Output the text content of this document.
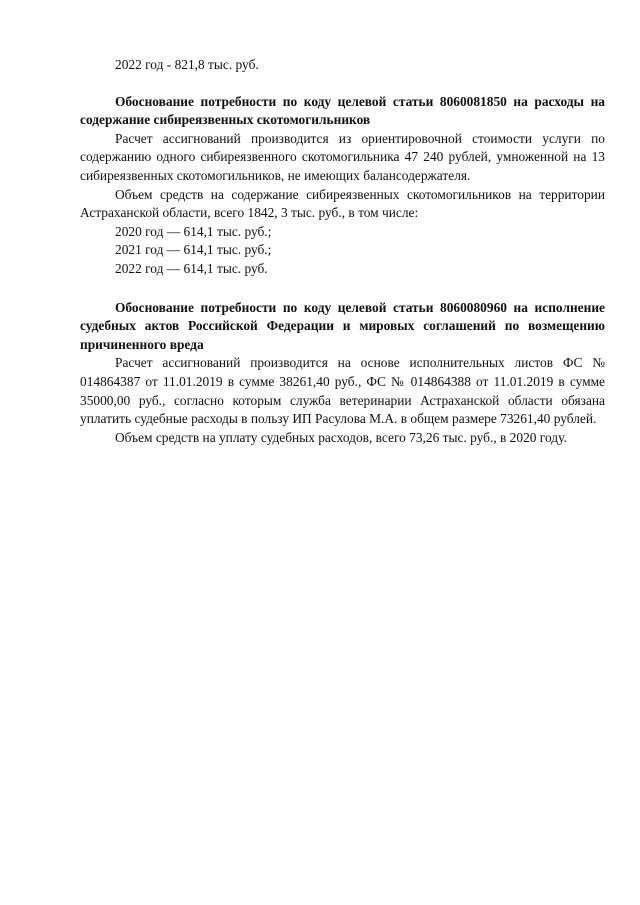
2022 год - 821,8 тыс. руб.

Обоснование потребности по коду целевой статьи 8060081850 на расходы на содержание сибиреязвенных скотомогильников

Расчет ассигнований производится из ориентировочной стоимости услуги по содержанию одного сибиреязвенного скотомогильника 47 240 рублей, умноженной на 13 сибиреязвенных скотомогильников, не имеющих балансодержателя.

Объем средств на содержание сибиреязвенных скотомогильников на территории Астраханской области, всего 1842, 3 тыс. руб., в том числе:

2020 год –– 614,1 тыс. руб.;

2021 год — 614,1 тыс. руб.;

2022 год — 614,1 тыс. руб.

Обоснование потребности по коду целевой статьи 8060080960 на исполнение судебных актов Российской Федерации и мировых соглашений по возмещению причиненного вреда

Расчет ассигнований производится на основе исполнительных листов ФС № 014864387 от 11.01.2019 в сумме 38261,40 руб., ФС № 014864388 от 11.01.2019 в сумме 35000,00 руб., согласно которым служба ветеринарии Астраханской области обязана уплатить судебные расходы в пользу ИП Расулова М.А. в общем размере 73261,40 рублей.

Объем средств на уплату судебных расходов, всего 73,26 тыс. руб., в 2020 году.
